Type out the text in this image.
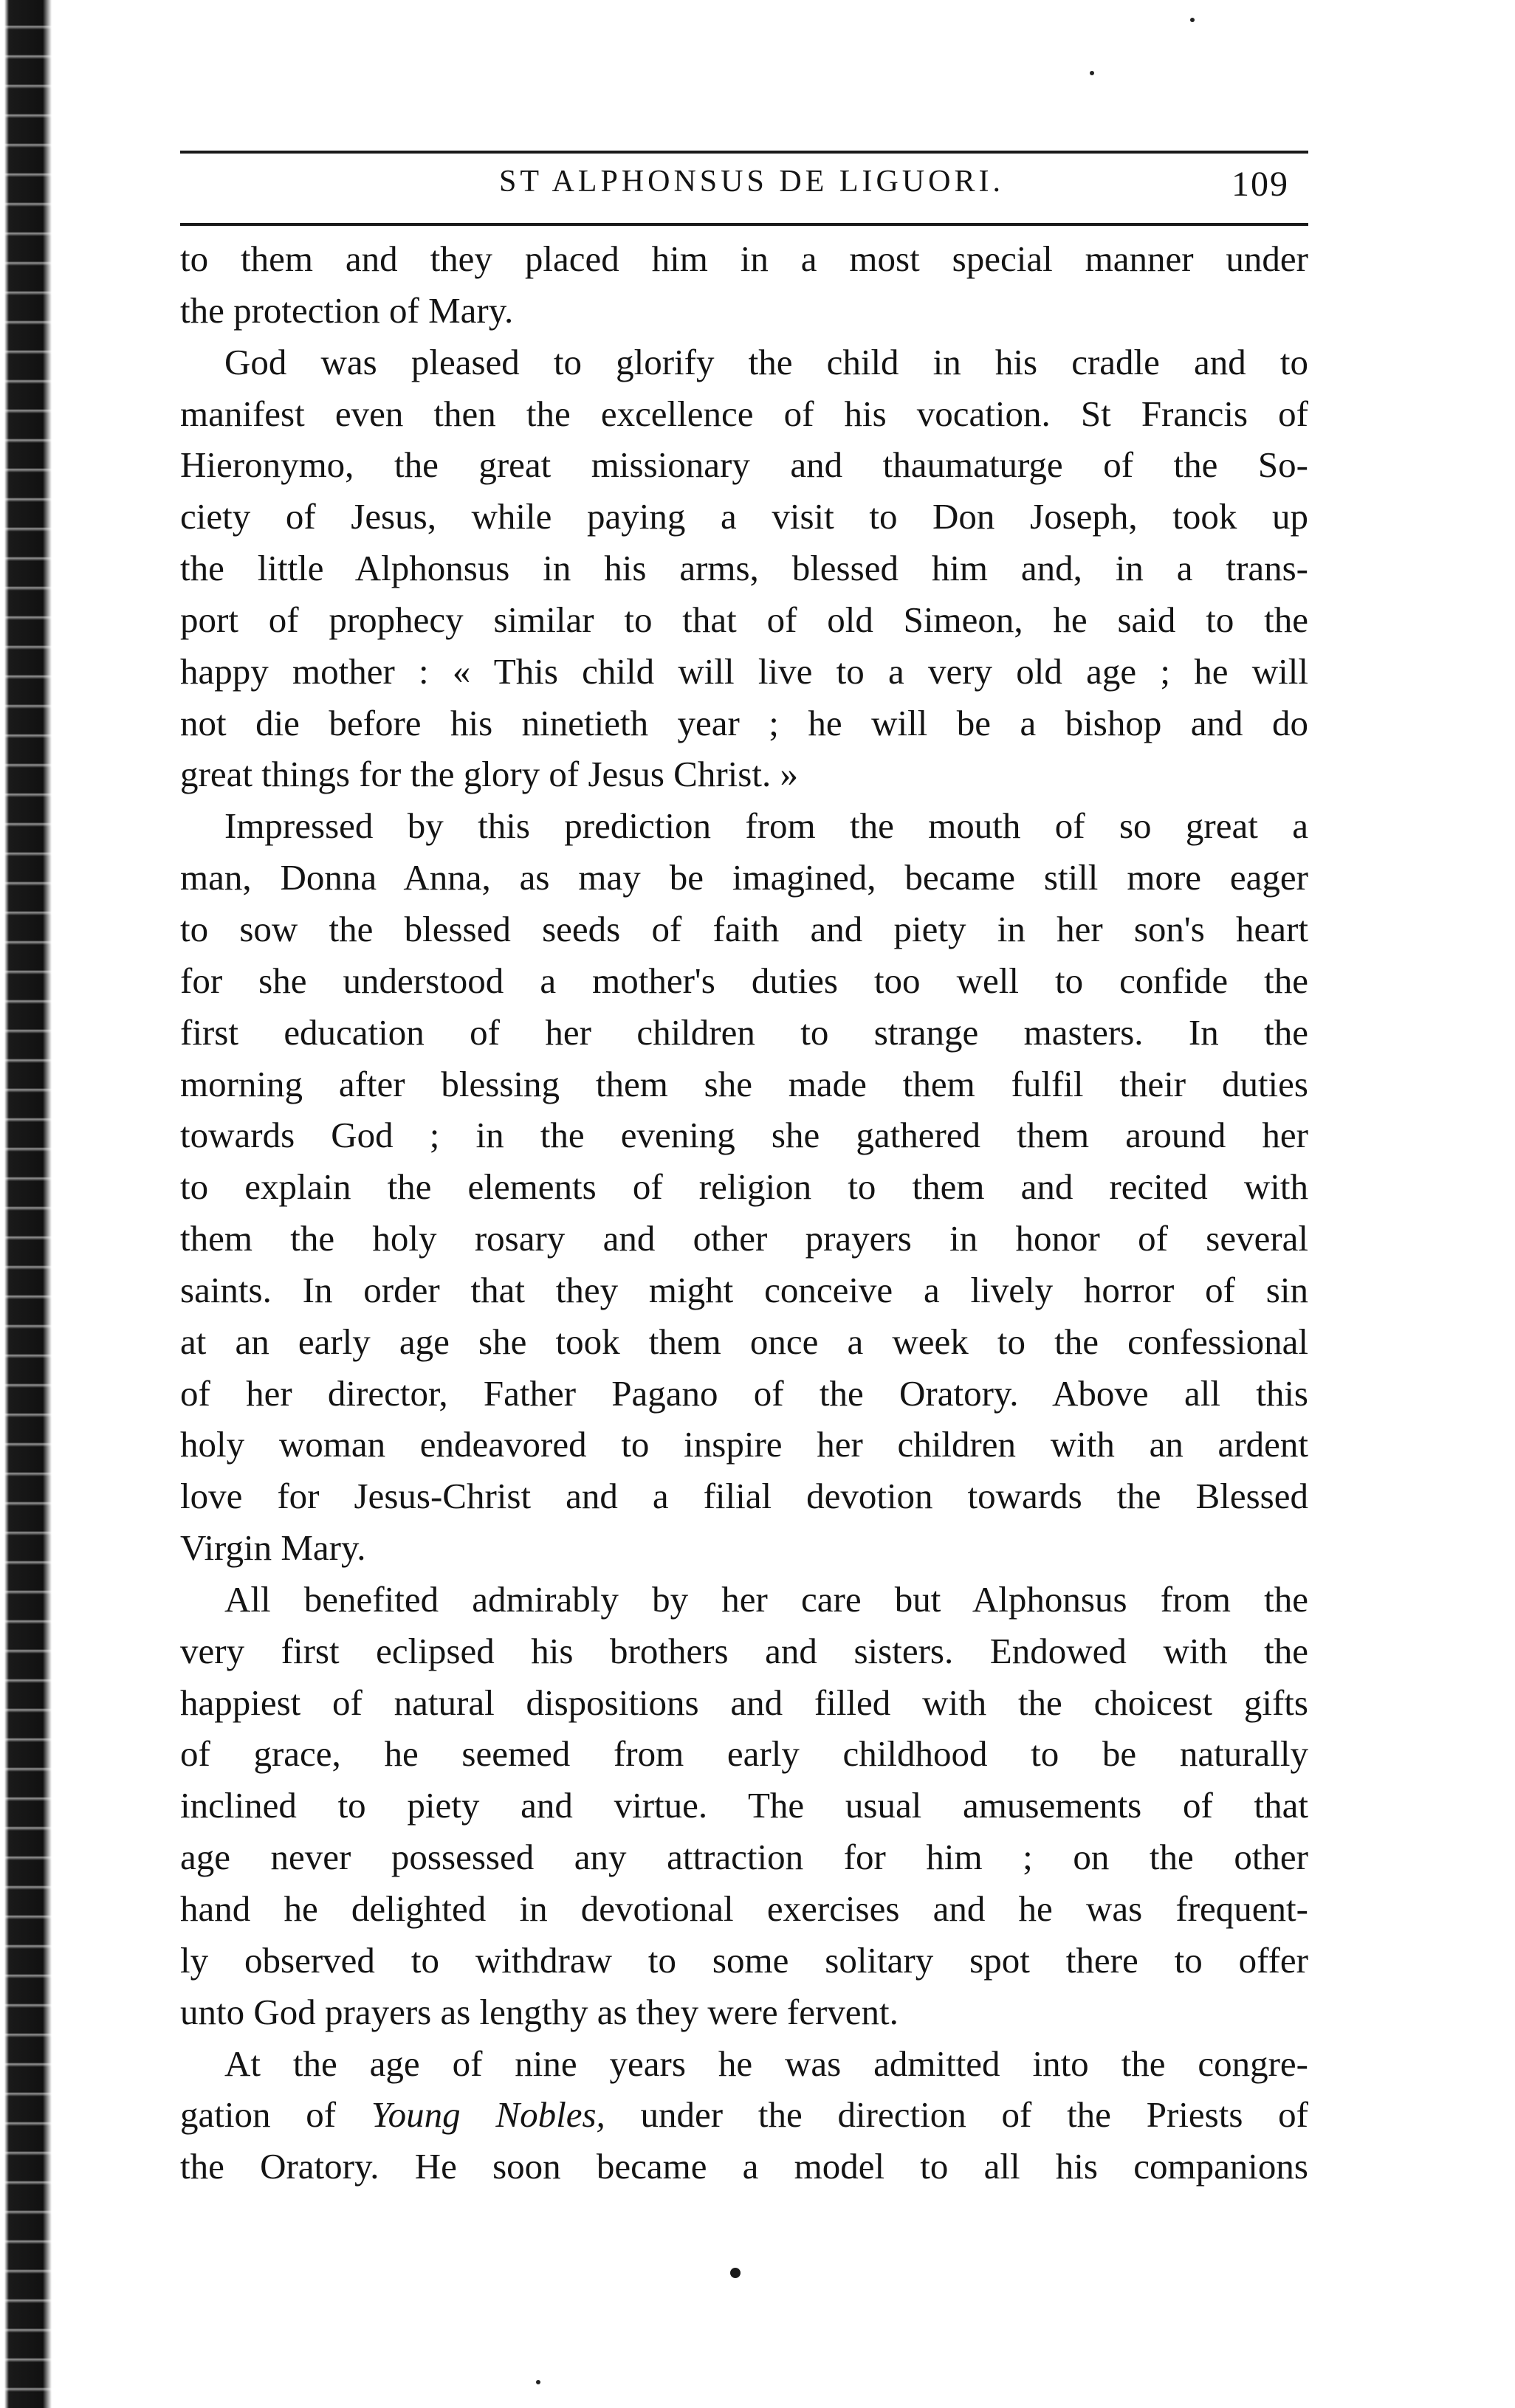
ST ALPHONSUS DE LIGUORI.	109
to them and they placed him in a most special manner under
the protection of Mary.
God was pleased to glorify the child in his cradle and to
manifest even then the excellence of his vocation. St Francis of
Hieronymo, the great missionary and thaumaturge of the So-
ciety of Jesus, while paying a visit to Don Joseph, took up
the little Alphonsus in his arms, blessed him and, in a trans-
port of prophecy similar to that of old Simeon, he said to the
happy mother : « This child will live to a very old age ; he will
not die before his ninetieth year ; he will be a bishop and do
great things for the glory of Jesus Christ. »
Impressed by this prediction from the mouth of so great a
man, Donna Anna, as may be imagined, became still more eager
to sow the blessed seeds of faith and piety in her son's heart
for she understood a mother's duties too well to confide the
first education of her children to strange masters. In the
morning after blessing them she made them fulfil their duties
towards God ; in the evening she gathered them around her
to explain the elements of religion to them and recited with
them the holy rosary and other prayers in honor of several
saints. In order that they might conceive a lively horror of sin
at an early age she took them once a week to the confessional
of her director, Father Pagano of the Oratory. Above all this
holy woman endeavored to inspire her children with an ardent
love for Jesus-Christ and a filial devotion towards the Blessed
Virgin Mary.
All benefited admirably by her care but Alphonsus from the
very first eclipsed his brothers and sisters. Endowed with the
happiest of natural dispositions and filled with the choicest gifts
of grace, he seemed from early childhood to be naturally
inclined to piety and virtue. The usual amusements of that
age never possessed any attraction for him ; on the other
hand he delighted in devotional exercises and he was frequent-
ly observed to withdraw to some solitary spot there to offer
unto God prayers as lengthy as they were fervent.
At the age of nine years he was admitted into the congre-
gation of Young Nobles, under the direction of the Priests of
the Oratory. He soon became a model to all his companions
